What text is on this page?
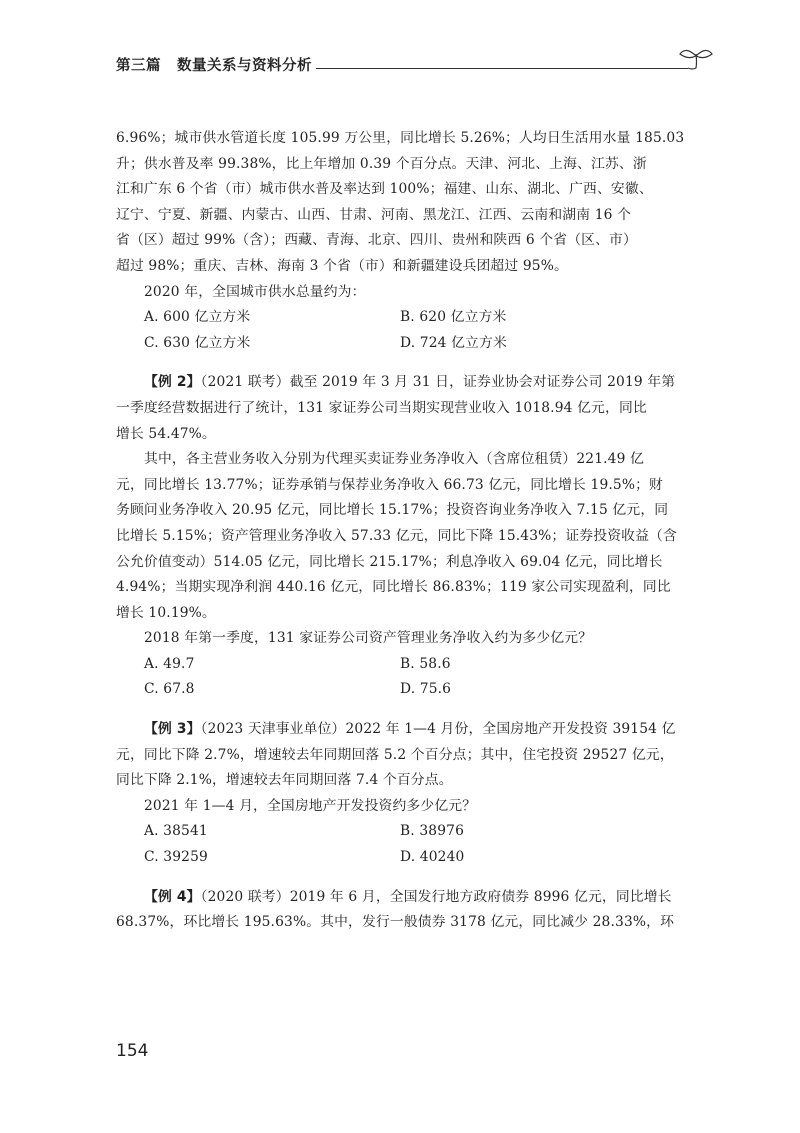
第三篇 数量关系与资料分析

6.96%；城市供水管道长度 105.99 万公里，同比增长 5.26%；人均日生活用水量 185.03
升；供水普及率 99.38%，比上年增加 0.39 个百分点。天津、河北、上海、江苏、浙
江和广东 6 个省（市）城市供水普及率达到 100%；福建、山东、湖北、广西、安徽、
辽宁、宁夏、新疆、内蒙古、山西、甘肃、河南、黑龙江、江西、云南和湖南 16 个
省（区）超过 99%（含）；西藏、青海、北京、四川、贵州和陕西 6 个省（区、市）
超过 98%；重庆、吉林、海南 3 个省（市）和新疆建设兵团超过 95%。

2020 年，全国城市供水总量约为：

A. 600 亿立方米	B. 620 亿立方米
C. 630 亿立方米	D. 724 亿立方米

【例 2】（2021 联考）截至 2019 年 3 月 31 日，证券业协会对证券公司 2019 年第
一季度经营数据进行了统计，131 家证券公司当期实现营业收入 1018.94 亿元，同比
增长 54.47%。

其中，各主营业务收入分别为代理买卖证券业务净收入（含席位租赁）221.49 亿
元，同比增长 13.77%；证券承销与保荐业务净收入 66.73 亿元，同比增长 19.5%；财
务顾问业务净收入 20.95 亿元，同比增长 15.17%；投资咨询业务净收入 7.15 亿元，同
比增长 5.15%；资产管理业务净收入 57.33 亿元，同比下降 15.43%；证券投资收益（含
公允价值变动）514.05 亿元，同比增长 215.17%；利息净收入 69.04 亿元，同比增长
4.94%；当期实现净利润 440.16 亿元，同比增长 86.83%；119 家公司实现盈利，同比
增长 10.19%。

2018 年第一季度，131 家证券公司资产管理业务净收入约为多少亿元？

A. 49.7	B. 58.6
C. 67.8	D. 75.6

【例 3】（2023 天津事业单位）2022 年 1—4 月份，全国房地产开发投资 39154 亿
元，同比下降 2.7%，增速较去年同期回落 5.2 个百分点；其中，住宅投资 29527 亿元，
同比下降 2.1%，增速较去年同期回落 7.4 个百分点。

2021 年 1—4 月，全国房地产开发投资约多少亿元？

A. 38541	B. 38976
C. 39259	D. 40240

【例 4】（2020 联考）2019 年 6 月，全国发行地方政府债券 8996 亿元，同比增长
68.37%，环比增长 195.63%。其中，发行一般债券 3178 亿元，同比减少 28.33%，环

154
